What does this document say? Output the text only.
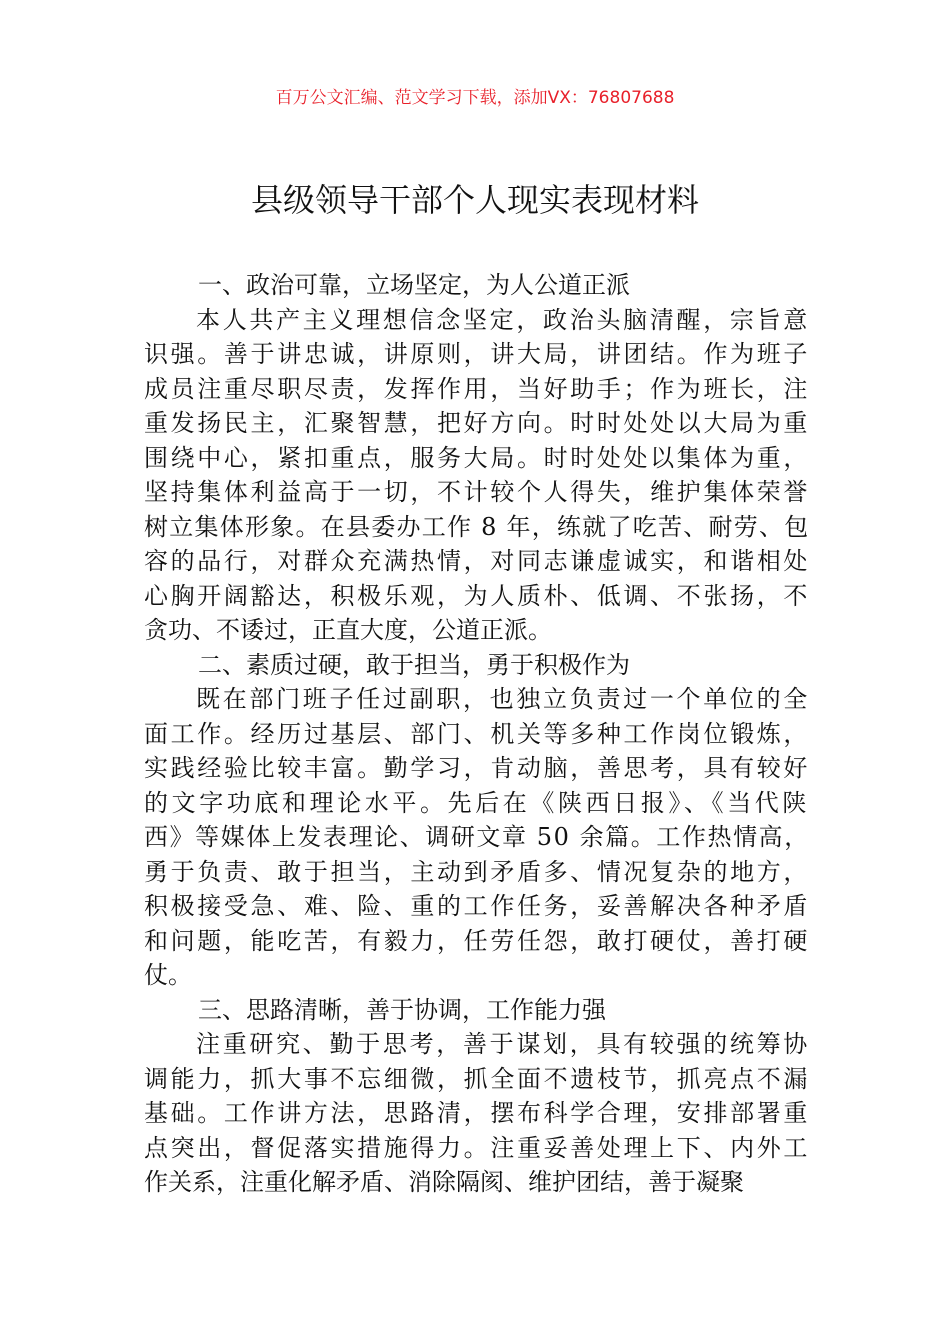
百万公文汇编、范文学习下载，添加VX：76807688
县级领导干部个人现实表现材料
一、政治可靠，立场坚定，为人公道正派
本人共产主义理想信念坚定，政治头脑清醒，宗旨意
识强。善于讲忠诚，讲原则，讲大局，讲团结。作为班子
成员注重尽职尽责，发挥作用，当好助手；作为班长，注
重发扬民主，汇聚智慧，把好方向。时时处处以大局为重
围绕中心，紧扣重点，服务大局。时时处处以集体为重，
坚持集体利益高于一切，不计较个人得失，维护集体荣誉
树立集体形象。在县委办工作 8 年，练就了吃苦、耐劳、包
容的品行，对群众充满热情，对同志谦虚诚实，和谐相处
心胸开阔豁达，积极乐观，为人质朴、低调、不张扬，不
贪功、不诿过，正直大度，公道正派。
二、素质过硬，敢于担当，勇于积极作为
既在部门班子任过副职，也独立负责过一个单位的全
面工作。经历过基层、部门、机关等多种工作岗位锻炼，
实践经验比较丰富。勤学习，肯动脑，善思考，具有较好
的文字功底和理论水平。先后在《陕西日报》、《当代陕
西》等媒体上发表理论、调研文章 50 余篇。工作热情高，
勇于负责、敢于担当，主动到矛盾多、情况复杂的地方，
积极接受急、难、险、重的工作任务，妥善解决各种矛盾
和问题，能吃苦，有毅力，任劳任怨，敢打硬仗，善打硬
仗。
三、思路清晰，善于协调，工作能力强
注重研究、勤于思考，善于谋划，具有较强的统筹协
调能力，抓大事不忘细微，抓全面不遗枝节，抓亮点不漏
基础。工作讲方法，思路清，摆布科学合理，安排部署重
点突出，督促落实措施得力。注重妥善处理上下、内外工
作关系，注重化解矛盾、消除隔阂、维护团结，善于凝聚
